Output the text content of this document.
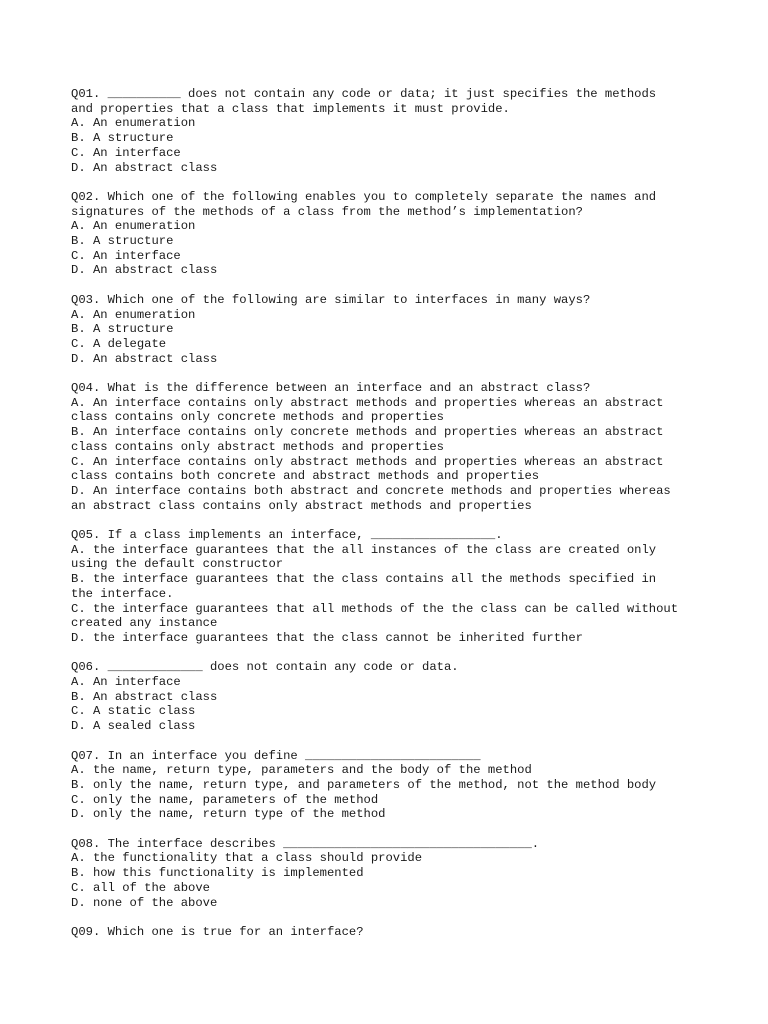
Q01. __________ does not contain any code or data; it just specifies the methods
and properties that a class that implements it must provide.
A. An enumeration
B. A structure
C. An interface
D. An abstract class
Q02. Which one of the following enables you to completely separate the names and
signatures of the methods of a class from the method’s implementation?
A. An enumeration
B. A structure
C. An interface
D. An abstract class
Q03. Which one of the following are similar to interfaces in many ways?
A. An enumeration
B. A structure
C. A delegate
D. An abstract class
Q04. What is the difference between an interface and an abstract class?
A. An interface contains only abstract methods and properties whereas an abstract
class contains only concrete methods and properties
B. An interface contains only concrete methods and properties whereas an abstract
class contains only abstract methods and properties
C. An interface contains only abstract methods and properties whereas an abstract
class contains both concrete and abstract methods and properties
D. An interface contains both abstract and concrete methods and properties whereas
an abstract class contains only abstract methods and properties
Q05. If a class implements an interface, _________________.
A. the interface guarantees that the all instances of the class are created only
using the default constructor
B. the interface guarantees that the class contains all the methods specified in
the interface.
C. the interface guarantees that all methods of the the class can be called without
created any instance
D. the interface guarantees that the class cannot be inherited further
Q06. _____________ does not contain any code or data.
A. An interface
B. An abstract class
C. A static class
D. A sealed class
Q07. In an interface you define ________________________
A. the name, return type, parameters and the body of the method
B. only the name, return type, and parameters of the method, not the method body
C. only the name, parameters of the method
D. only the name, return type of the method
Q08. The interface describes __________________________________.
A. the functionality that a class should provide
B. how this functionality is implemented
C. all of the above
D. none of the above
Q09. Which one is true for an interface?
